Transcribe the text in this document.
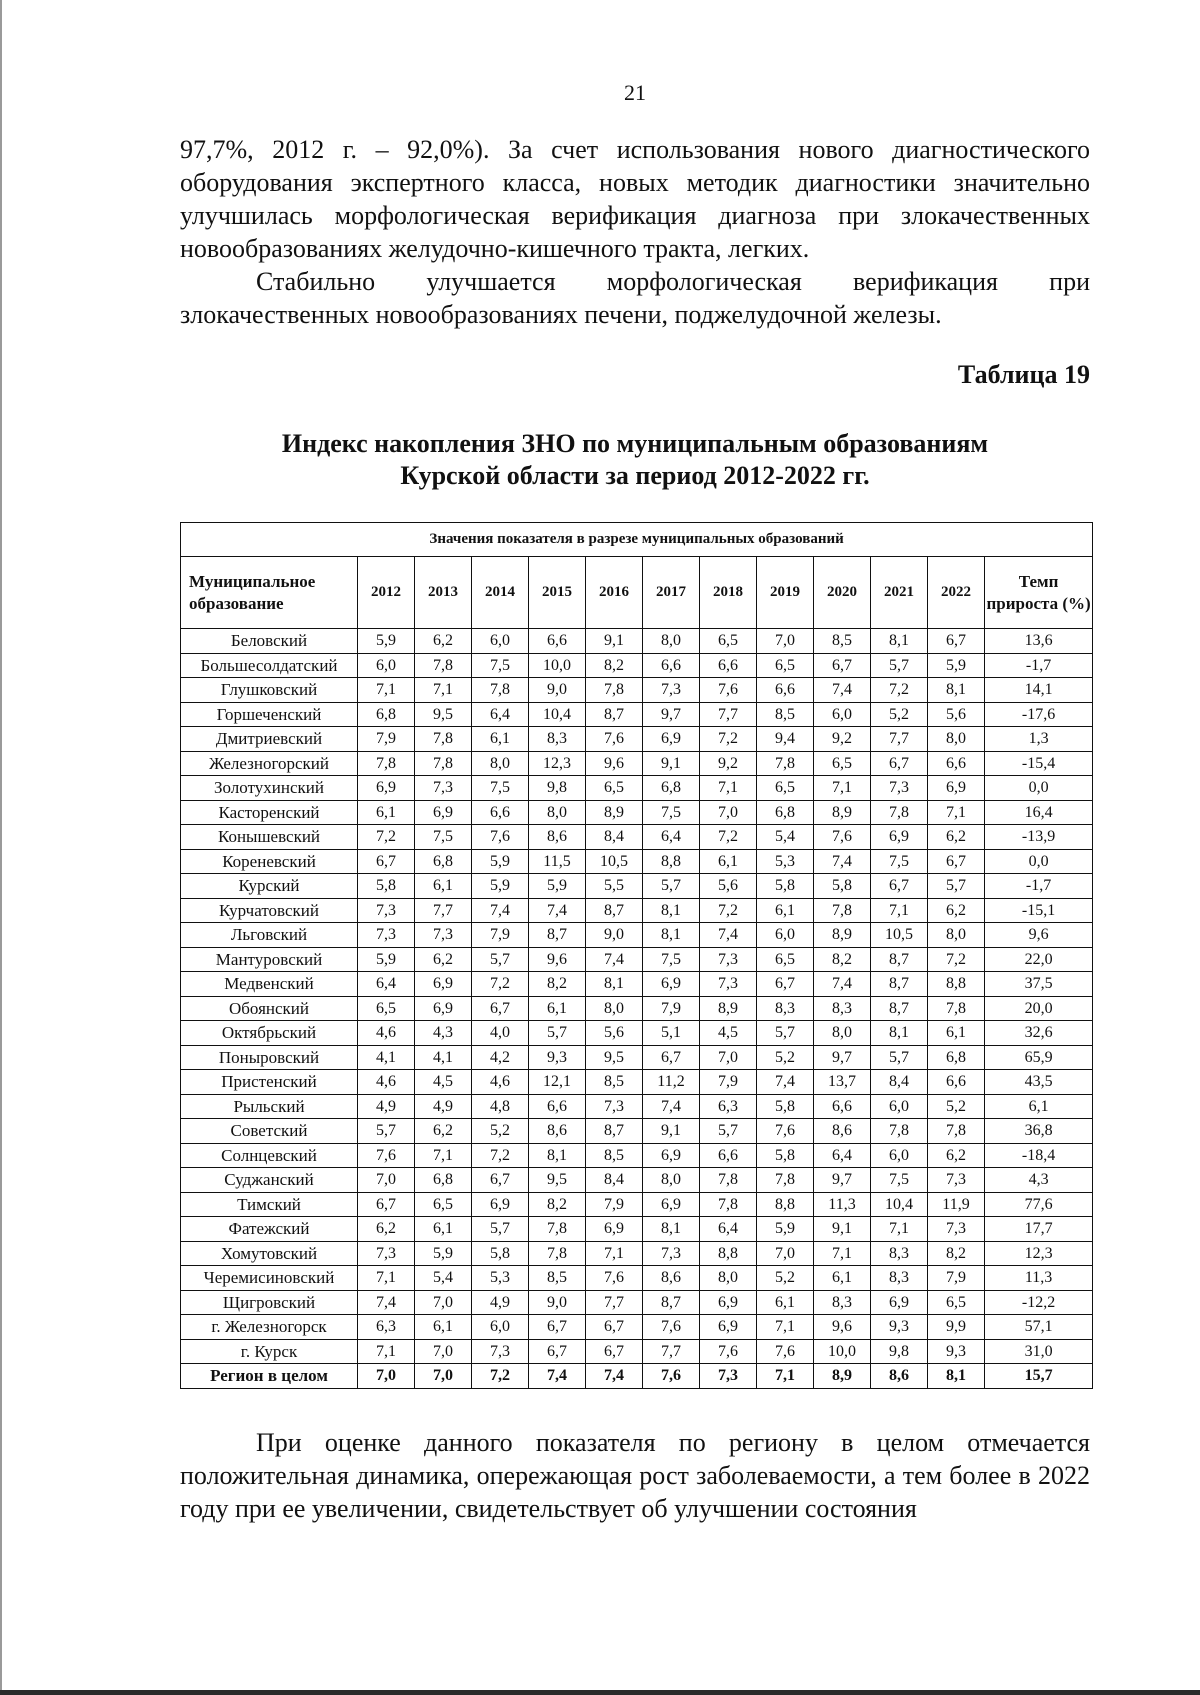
21
97,7%, 2012 г. – 92,0%). За счет использования нового диагностического оборудования экспертного класса, новых методик диагностики значительно улучшилась морфологическая верификация диагноза при злокачественных новообразованиях желудочно-кишечного тракта, легких.
Стабильно улучшается морфологическая верификация при злокачественных новообразованиях печени, поджелудочной железы.
Таблица 19
Индекс накопления ЗНО по муниципальным образованиям
Курской области за период 2012-2022 гг.
Значения показателя в разрезе муниципальных образований												
Муниципальное образование	2012	2013	2014	2015	2016	2017	2018	2019	2020	2021	2022	Темп прироста (%)
Беловский	5,9	6,2	6,0	6,6	9,1	8,0	6,5	7,0	8,5	8,1	6,7	13,6
Большесолдатский	6,0	7,8	7,5	10,0	8,2	6,6	6,6	6,5	6,7	5,7	5,9	-1,7
Глушковский	7,1	7,1	7,8	9,0	7,8	7,3	7,6	6,6	7,4	7,2	8,1	14,1
Горшеченский	6,8	9,5	6,4	10,4	8,7	9,7	7,7	8,5	6,0	5,2	5,6	-17,6
Дмитриевский	7,9	7,8	6,1	8,3	7,6	6,9	7,2	9,4	9,2	7,7	8,0	1,3
Железногорский	7,8	7,8	8,0	12,3	9,6	9,1	9,2	7,8	6,5	6,7	6,6	-15,4
Золотухинский	6,9	7,3	7,5	9,8	6,5	6,8	7,1	6,5	7,1	7,3	6,9	0,0
Касторенский	6,1	6,9	6,6	8,0	8,9	7,5	7,0	6,8	8,9	7,8	7,1	16,4
Конышевский	7,2	7,5	7,6	8,6	8,4	6,4	7,2	5,4	7,6	6,9	6,2	-13,9
Кореневский	6,7	6,8	5,9	11,5	10,5	8,8	6,1	5,3	7,4	7,5	6,7	0,0
Курский	5,8	6,1	5,9	5,9	5,5	5,7	5,6	5,8	5,8	6,7	5,7	-1,7
Курчатовский	7,3	7,7	7,4	7,4	8,7	8,1	7,2	6,1	7,8	7,1	6,2	-15,1
Льговский	7,3	7,3	7,9	8,7	9,0	8,1	7,4	6,0	8,9	10,5	8,0	9,6
Мантуровский	5,9	6,2	5,7	9,6	7,4	7,5	7,3	6,5	8,2	8,7	7,2	22,0
Медвенский	6,4	6,9	7,2	8,2	8,1	6,9	7,3	6,7	7,4	8,7	8,8	37,5
Обоянский	6,5	6,9	6,7	6,1	8,0	7,9	8,9	8,3	8,3	8,7	7,8	20,0
Октябрьский	4,6	4,3	4,0	5,7	5,6	5,1	4,5	5,7	8,0	8,1	6,1	32,6
Поныровский	4,1	4,1	4,2	9,3	9,5	6,7	7,0	5,2	9,7	5,7	6,8	65,9
Пристенский	4,6	4,5	4,6	12,1	8,5	11,2	7,9	7,4	13,7	8,4	6,6	43,5
Рыльский	4,9	4,9	4,8	6,6	7,3	7,4	6,3	5,8	6,6	6,0	5,2	6,1
Советский	5,7	6,2	5,2	8,6	8,7	9,1	5,7	7,6	8,6	7,8	7,8	36,8
Солнцевский	7,6	7,1	7,2	8,1	8,5	6,9	6,6	5,8	6,4	6,0	6,2	-18,4
Суджанский	7,0	6,8	6,7	9,5	8,4	8,0	7,8	7,8	9,7	7,5	7,3	4,3
Тимский	6,7	6,5	6,9	8,2	7,9	6,9	7,8	8,8	11,3	10,4	11,9	77,6
Фатежский	6,2	6,1	5,7	7,8	6,9	8,1	6,4	5,9	9,1	7,1	7,3	17,7
Хомутовский	7,3	5,9	5,8	7,8	7,1	7,3	8,8	7,0	7,1	8,3	8,2	12,3
Черемисиновский	7,1	5,4	5,3	8,5	7,6	8,6	8,0	5,2	6,1	8,3	7,9	11,3
Щигровский	7,4	7,0	4,9	9,0	7,7	8,7	6,9	6,1	8,3	6,9	6,5	-12,2
г. Железногорск	6,3	6,1	6,0	6,7	6,7	7,6	6,9	7,1	9,6	9,3	9,9	57,1
г. Курск	7,1	7,0	7,3	6,7	6,7	7,7	7,6	7,6	10,0	9,8	9,3	31,0
Регион в целом	7,0	7,0	7,2	7,4	7,4	7,6	7,3	7,1	8,9	8,6	8,1	15,7
При оценке данного показателя по региону в целом отмечается положительная динамика, опережающая рост заболеваемости, а тем более в 2022 году при ее увеличении, свидетельствует об улучшении состояния
